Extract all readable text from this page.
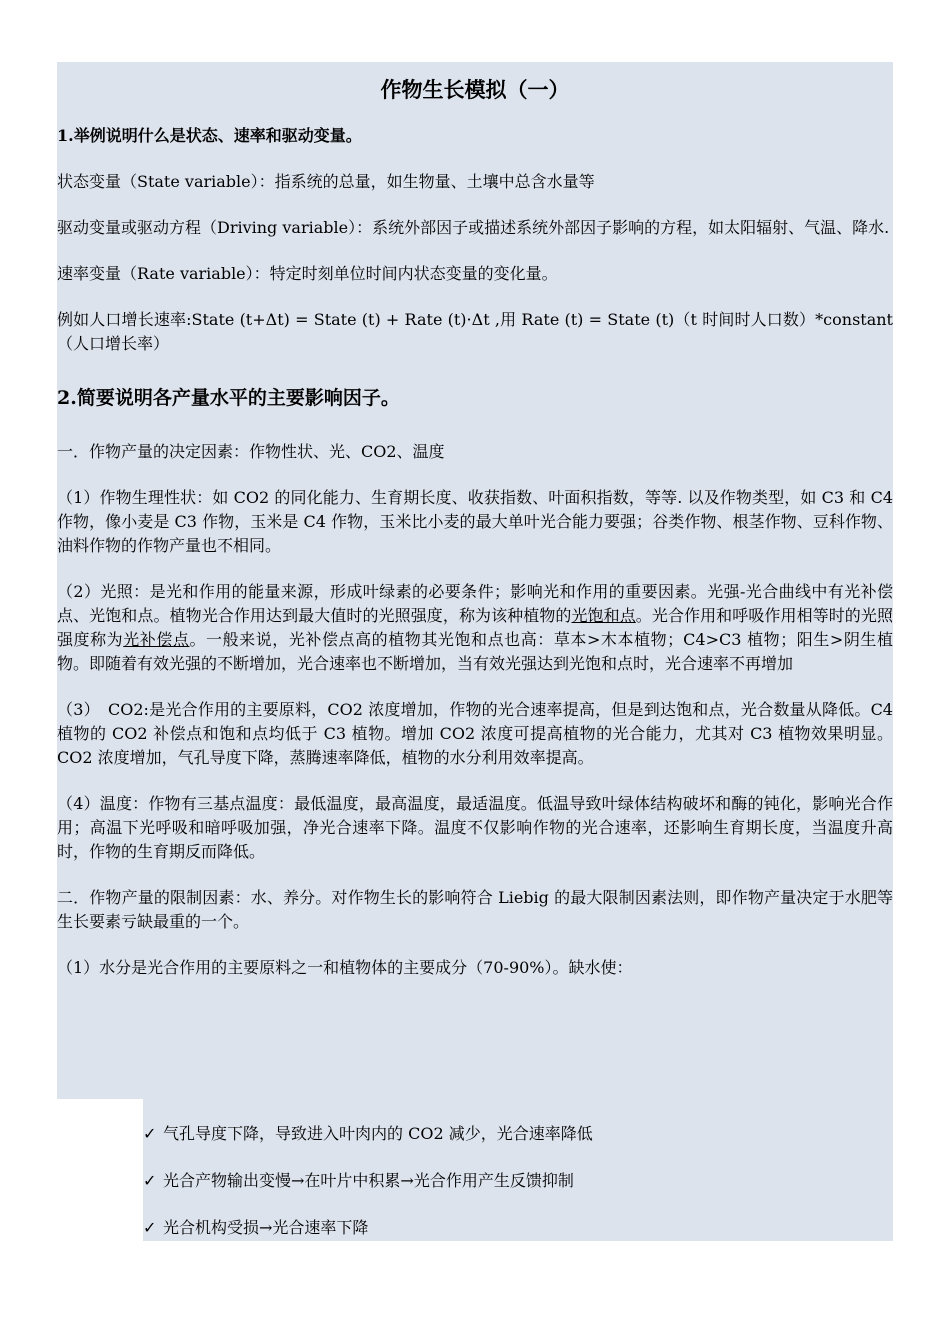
作物生长模拟（一）
1.举例说明什么是状态、速率和驱动变量。

状态变量（State variable）：指系统的总量，如生物量、土壤中总含水量等

驱动变量或驱动方程（Driving variable）：系统外部因子或描述系统外部因子影响的方程，如太阳辐射、气温、降水.

速率变量（Rate variable）：特定时刻单位时间内状态变量的变化量。

例如人口增长速率:State (t+Δt) = State (t) + Rate (t)·Δt ,用 Rate (t) = State (t)（t 时间时人口数）*constant（人口增长率）

2.简要说明各产量水平的主要影响因子。

一．作物产量的决定因素：作物性状、光、CO2、温度

（1）作物生理性状：如 CO2 的同化能力、生育期长度、收获指数、叶面积指数，等等. 以及作物类型，如 C3 和 C4 作物，像小麦是 C3 作物，玉米是 C4 作物，玉米比小麦的最大单叶光合能力要强；谷类作物、根茎作物、豆科作物、油料作物的作物产量也不相同。

（2）光照：是光和作用的能量来源，形成叶绿素的必要条件；影响光和作用的重要因素。光强-光合曲线中有光补偿点、光饱和点。植物光合作用达到最大值时的光照强度，称为该种植物的光饱和点。光合作用和呼吸作用相等时的光照强度称为光补偿点。一般来说，光补偿点高的植物其光饱和点也高：草本>木本植物；C4>C3 植物；阳生>阴生植物。即随着有效光强的不断增加，光合速率也不断增加，当有效光强达到光饱和点时，光合速率不再增加

（3）　CO2:是光合作用的主要原料，CO2 浓度增加，作物的光合速率提高，但是到达饱和点，光合数量从降低。C4 植物的 CO2 补偿点和饱和点均低于 C3 植物。增加 CO2 浓度可提高植物的光合能力，尤其对 C3 植物效果明显。CO2 浓度增加，气孔导度下降，蒸腾速率降低，植物的水分利用效率提高。

（4）温度：作物有三基点温度：最低温度，最高温度，最适温度。低温导致叶绿体结构破坏和酶的钝化，影响光合作用；高温下光呼吸和暗呼吸加强，净光合速率下降。温度不仅影响作物的光合速率，还影响生育期长度，当温度升高时，作物的生育期反而降低。

二．作物产量的限制因素：水、养分。对作物生长的影响符合 Liebig 的最大限制因素法则，即作物产量决定于水肥等生长要素亏缺最重的一个。

（1）水分是光合作用的主要原料之一和植物体的主要成分（70-90%）。缺水使：

✓ 气孔导度下降，导致进入叶肉内的 CO2 减少，光合速率降低
✓ 光合产物输出变慢→在叶片中积累→光合作用产生反馈抑制
✓ 光合机构受损→光合速率下降
